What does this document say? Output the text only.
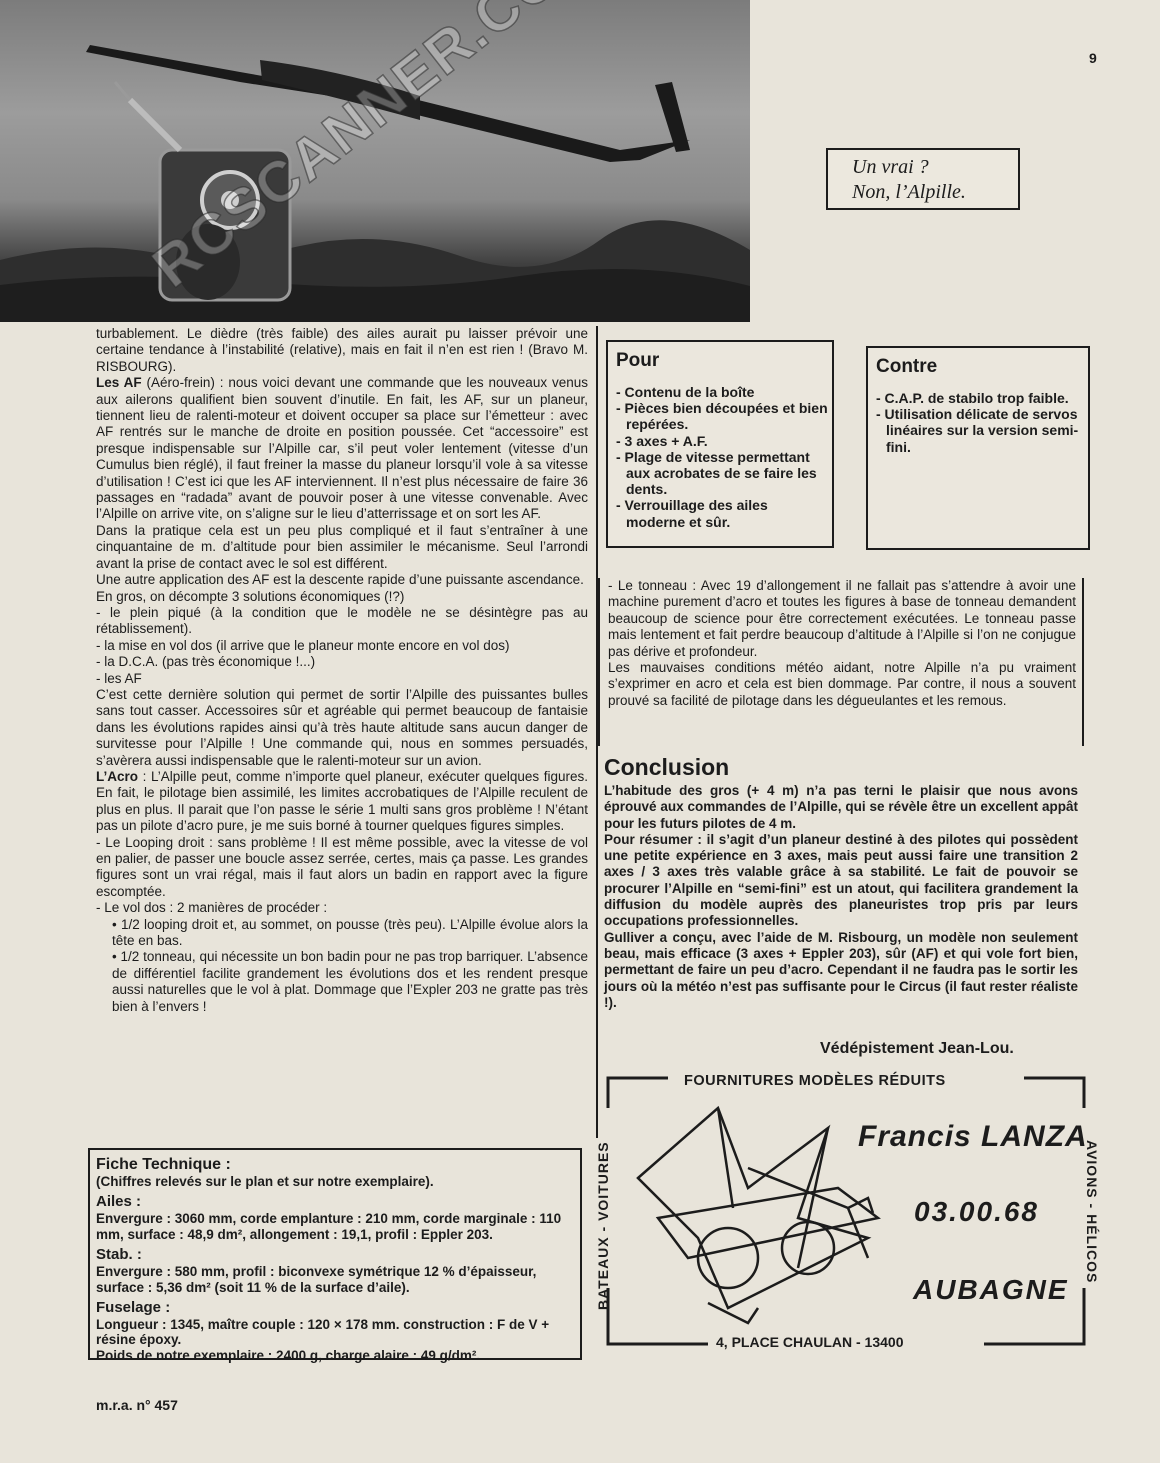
9
Un vrai ?
Non, l’Alpille.

turbablement. Le dièdre (très faible) des ailes aurait pu laisser prévoir une certaine tendance à l’instabilité (relative), mais en fait il n’en est rien ! (Bravo M. RISBOURG).

Les AF (Aéro-frein) : nous voici devant une commande que les nouveaux venus aux ailerons qualifient bien souvent d’inutile. En fait, les AF, sur un planeur, tiennent lieu de ralenti-moteur et doivent occuper sa place sur l’émetteur : avec AF rentrés sur le manche de droite en position poussée. Cet “accessoire” est presque indispensable sur l’Alpille car, s’il peut voler lentement (vitesse d’un Cumulus bien réglé), il faut freiner la masse du planeur lorsqu’il vole à sa vitesse d’utilisation ! C’est ici que les AF interviennent. Il n’est plus nécessaire de faire 36 passages en “radada” avant de pouvoir poser à une vitesse convenable. Avec l’Alpille on arrive vite, on s’aligne sur le lieu d’atterrissage et on sort les AF.

Dans la pratique cela est un peu plus compliqué et il faut s’entraîner à une cinquantaine de m. d’altitude pour bien assimiler le mécanisme. Seul l’arrondi avant la prise de contact avec le sol est différent.

Une autre application des AF est la descente rapide d’une puissante ascendance.

En gros, on décompte 3 solutions économiques (!?)

- le plein piqué (à la condition que le modèle ne se désintègre pas au rétablissement).

- la mise en vol dos (il arrive que le planeur monte encore en vol dos)

- la D.C.A. (pas très économique !...)

- les AF

C’est cette dernière solution qui permet de sortir l’Alpille des puissantes bulles sans tout casser. Accessoires sûr et agréable qui permet beaucoup de fantaisie dans les évolutions rapides ainsi qu’à très haute altitude sans aucun danger de survitesse pour l’Alpille ! Une commande qui, nous en sommes persuadés, s’avèrera aussi indispensable que le ralenti-moteur sur un avion.

L’Acro : L’Alpille peut, comme n’importe quel planeur, exécuter quelques figures. En fait, le pilotage bien assimilé, les limites accrobatiques de l’Alpille reculent de plus en plus. Il parait que l’on passe le série 1 multi sans gros problème ! N’étant pas un pilote d’acro pure, je me suis borné à tourner quelques figures simples.

- Le Looping droit : sans problème ! Il est même possible, avec la vitesse de vol en palier, de passer une boucle assez serrée, certes, mais ça passe. Les grandes figures sont un vrai régal, mais il faut alors un badin en rapport avec la figure escomptée.

- Le vol dos : 2 manières de procéder :

• 1/2 looping droit et, au sommet, on pousse (très peu). L’Alpille évolue alors la tête en bas.

• 1/2 tonneau, qui nécessite un bon badin pour ne pas trop barriquer. L’absence de différentiel facilite grandement les évolutions dos et les rendent presque aussi naturelles que le vol à plat. Dommage que l’Expler 203 ne gratte pas très bien à l’envers !

Pour
- Contenu de la boîte
- Pièces bien découpées et bien repérées.
- 3 axes + A.F.
- Plage de vitesse permettant aux acrobates de se faire les dents.
- Verrouillage des ailes moderne et sûr.
Contre
- C.A.P. de stabilo trop faible.
- Utilisation délicate de servos linéaires sur la version semi-fini.

- Le tonneau : Avec 19 d’allongement il ne fallait pas s’attendre à avoir une machine purement d’acro et toutes les figures à base de tonneau demandent beaucoup de science pour être correctement exécutées. Le tonneau passe mais lentement et fait perdre beaucoup d’altitude à l’Alpille si l’on ne conjugue pas dérive et profondeur.

Les mauvaises conditions météo aidant, notre Alpille n’a pu vraiment s’exprimer en acro et cela est bien dommage. Par contre, il nous a souvent prouvé sa facilité de pilotage dans les dégueulantes et les remous.

Conclusion
L’habitude des gros (+ 4 m) n’a pas terni le plaisir que nous avons éprouvé aux commandes de l’Alpille, qui se révèle être un excellent appât pour les futurs pilotes de 4 m.
Pour résumer : il s’agit d’un planeur destiné à des pilotes qui possèdent une petite expérience en 3 axes, mais peut aussi faire une transition 2 axes / 3 axes très valable grâce à sa stabilité. Le fait de pouvoir se procurer l’Alpille en “semi-fini” est un atout, qui facilitera grandement la diffusion du modèle auprès des planeuristes trop pris par leurs occupations professionnelles.
Gulliver a conçu, avec l’aide de M. Risbourg, un modèle non seulement beau, mais efficace (3 axes + Eppler 203), sûr (AF) et qui vole fort bien, permettant de faire un peu d’acro. Cependant il ne faudra pas le sortir les jours où la météo n’est pas suffisante pour le Circus (il faut rester réaliste !).
Védépistement Jean-Lou.
Fiche Technique :
(Chiffres relevés sur le plan et sur notre exemplaire).
Ailes :
Envergure : 3060 mm, corde emplanture : 210 mm, corde marginale : 110 mm, surface : 48,9 dm², allongement : 19,1, profil : Eppler 203.
Stab. :
Envergure : 580 mm, profil : biconvexe symétrique 12 % d’épaisseur, surface : 5,36 dm² (soit 11 % de la surface d’aile).
Fuselage :
Longueur : 1345, maître couple : 120 × 178 mm. construction : F de V + résine époxy.
Poids de notre exemplaire : 2400 g, charge alaire : 49 g/dm².
m.r.a. n° 457
FOURNITURES MODÈLES RÉDUITS
Francis LANZA
03.00.68
AUBAGNE
4, PLACE CHAULAN - 13400
BATEAUX - VOITURES	AVIONS - HÉLICOS
